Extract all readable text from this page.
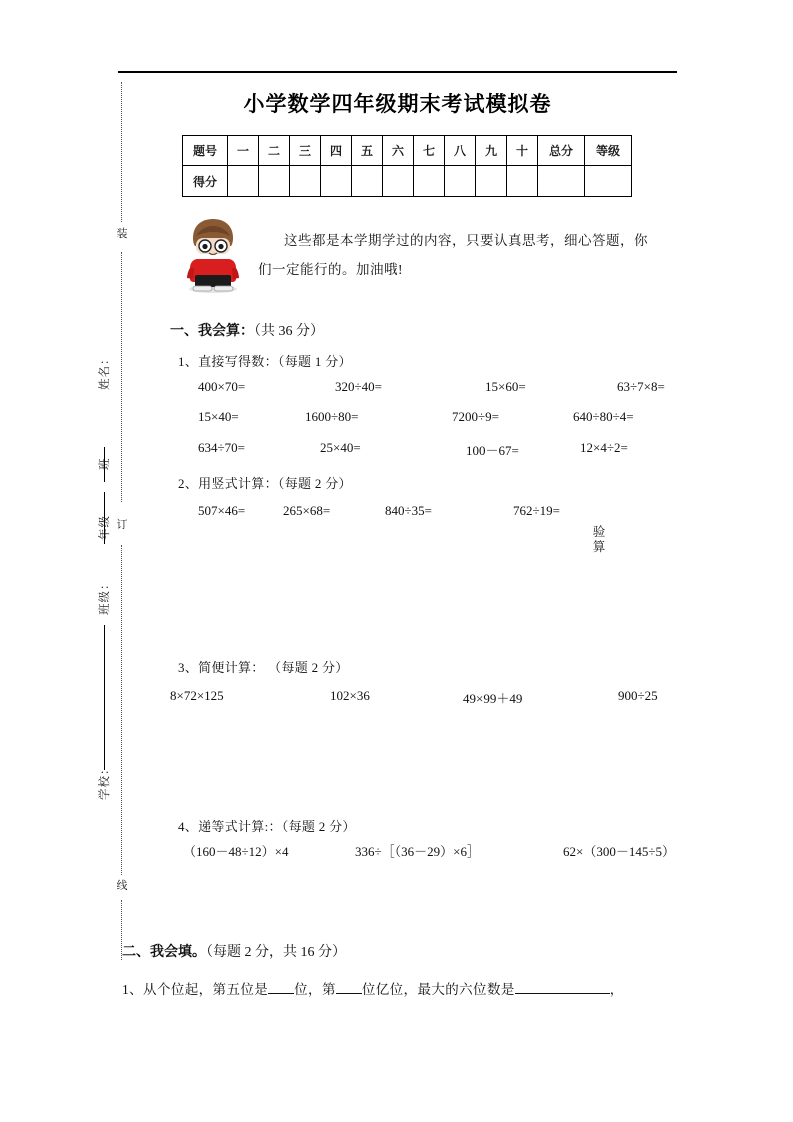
装
订
线
姓名：
班
年级
班级：
学校：
小学数学四年级期末考试模拟卷
题号	一	二	三	四	五	六	七	八	九	十	总分	等级
得分												

这些都是本学期学过的内容，只要认真思考，细心答题，你

们一定能行的。加油哦!

一、我会算：（共 36 分）
1、直接写得数：（每题 1 分）
400×70=	320÷40=	15×60=	63÷7×8=
15×40=	1600÷80=	7200÷9=	640÷80÷4=
634÷70=	25×40=	100－67=	12×4÷2=
2、用竖式计算：（每题 2 分）
507×46=	265×68=	840÷35=	762÷19=
验算
3、简便计算： （每题 2 分）
8×72×125	102×36	49×99＋49	900÷25
4、递等式计算:：（每题 2 分）
（160－48÷12）×4	336÷［（36－29）×6］	62×（300－145÷5）
二、我会填。（每题 2 分，共 16 分）
1、从个位起，第五位是 位，第 位亿位，最大的六位数是	，
